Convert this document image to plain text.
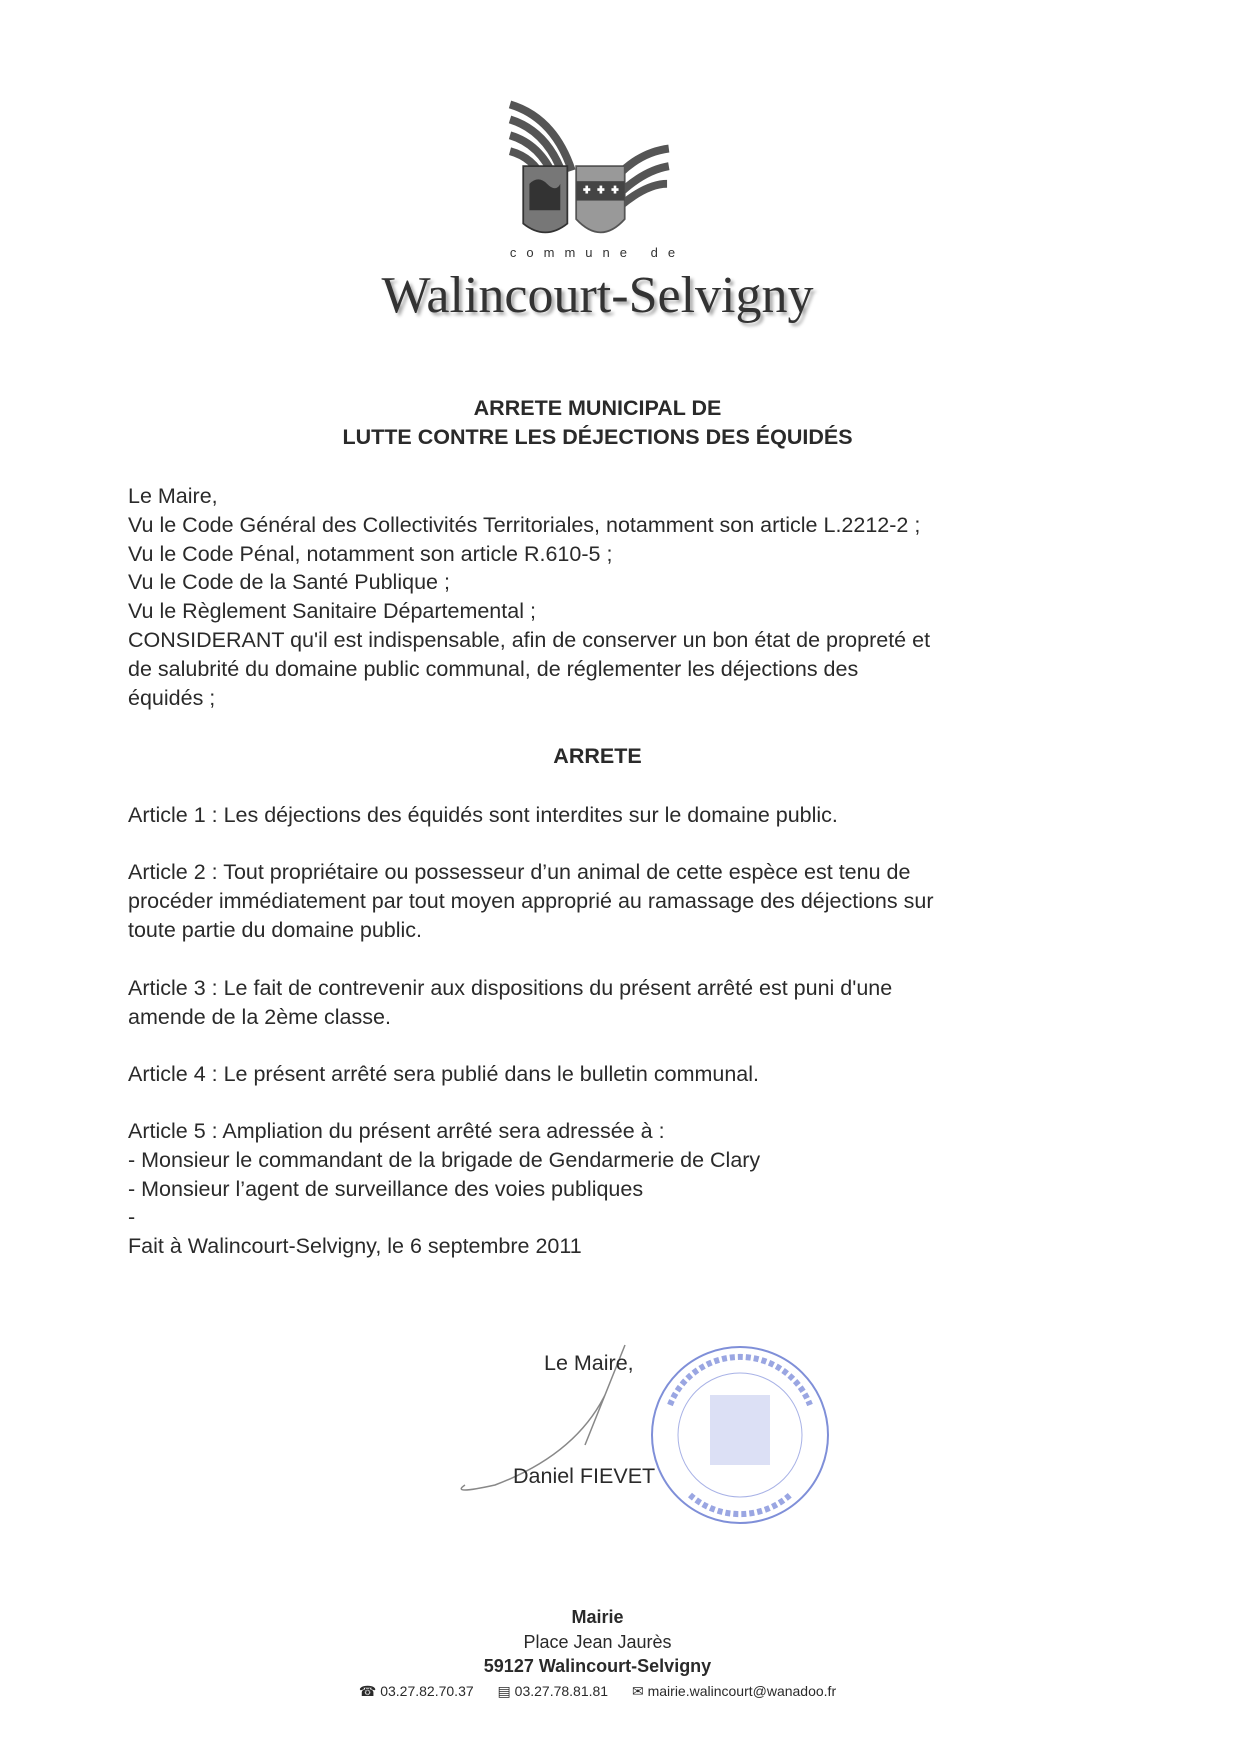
commune de
Walincourt-Selvigny
ARRETE MUNICIPAL DE
LUTTE CONTRE LES DÉJECTIONS DES ÉQUIDÉS
Le Maire,
Vu le Code Général des Collectivités Territoriales, notamment son article L.2212-2 ;
Vu le Code Pénal, notamment son article R.610-5 ;
Vu le Code de la Santé Publique ;
Vu le Règlement Sanitaire Départemental ;
CONSIDERANT qu'il est indispensable, afin de conserver un bon état de propreté et
de salubrité du domaine public communal, de réglementer les déjections des
équidés ;
ARRETE
Article 1 : Les déjections des équidés sont interdites sur le domaine public.
Article 2 : Tout propriétaire ou possesseur d’un animal de cette espèce est tenu de
procéder immédiatement par tout moyen approprié au ramassage des déjections sur
toute partie du domaine public.
Article 3 : Le fait de contrevenir aux dispositions du présent arrêté est puni d'une
amende de la 2ème classe.
Article 4 : Le présent arrêté sera publié dans le bulletin communal.
Article 5 : Ampliation du présent arrêté sera adressée à :
- Monsieur le commandant de la brigade de Gendarmerie de Clary
- Monsieur l’agent de surveillance des voies publiques
-
Fait à Walincourt-Selvigny, le 6 septembre 2011
Le Maire,
Daniel FIEVET
Mairie
Place Jean Jaurès
59127 Walincourt-Selvigny
☎ 03.27.82.70.37 ▤ 03.27.78.81.81 ✉ mairie.walincourt@wanadoo.fr
